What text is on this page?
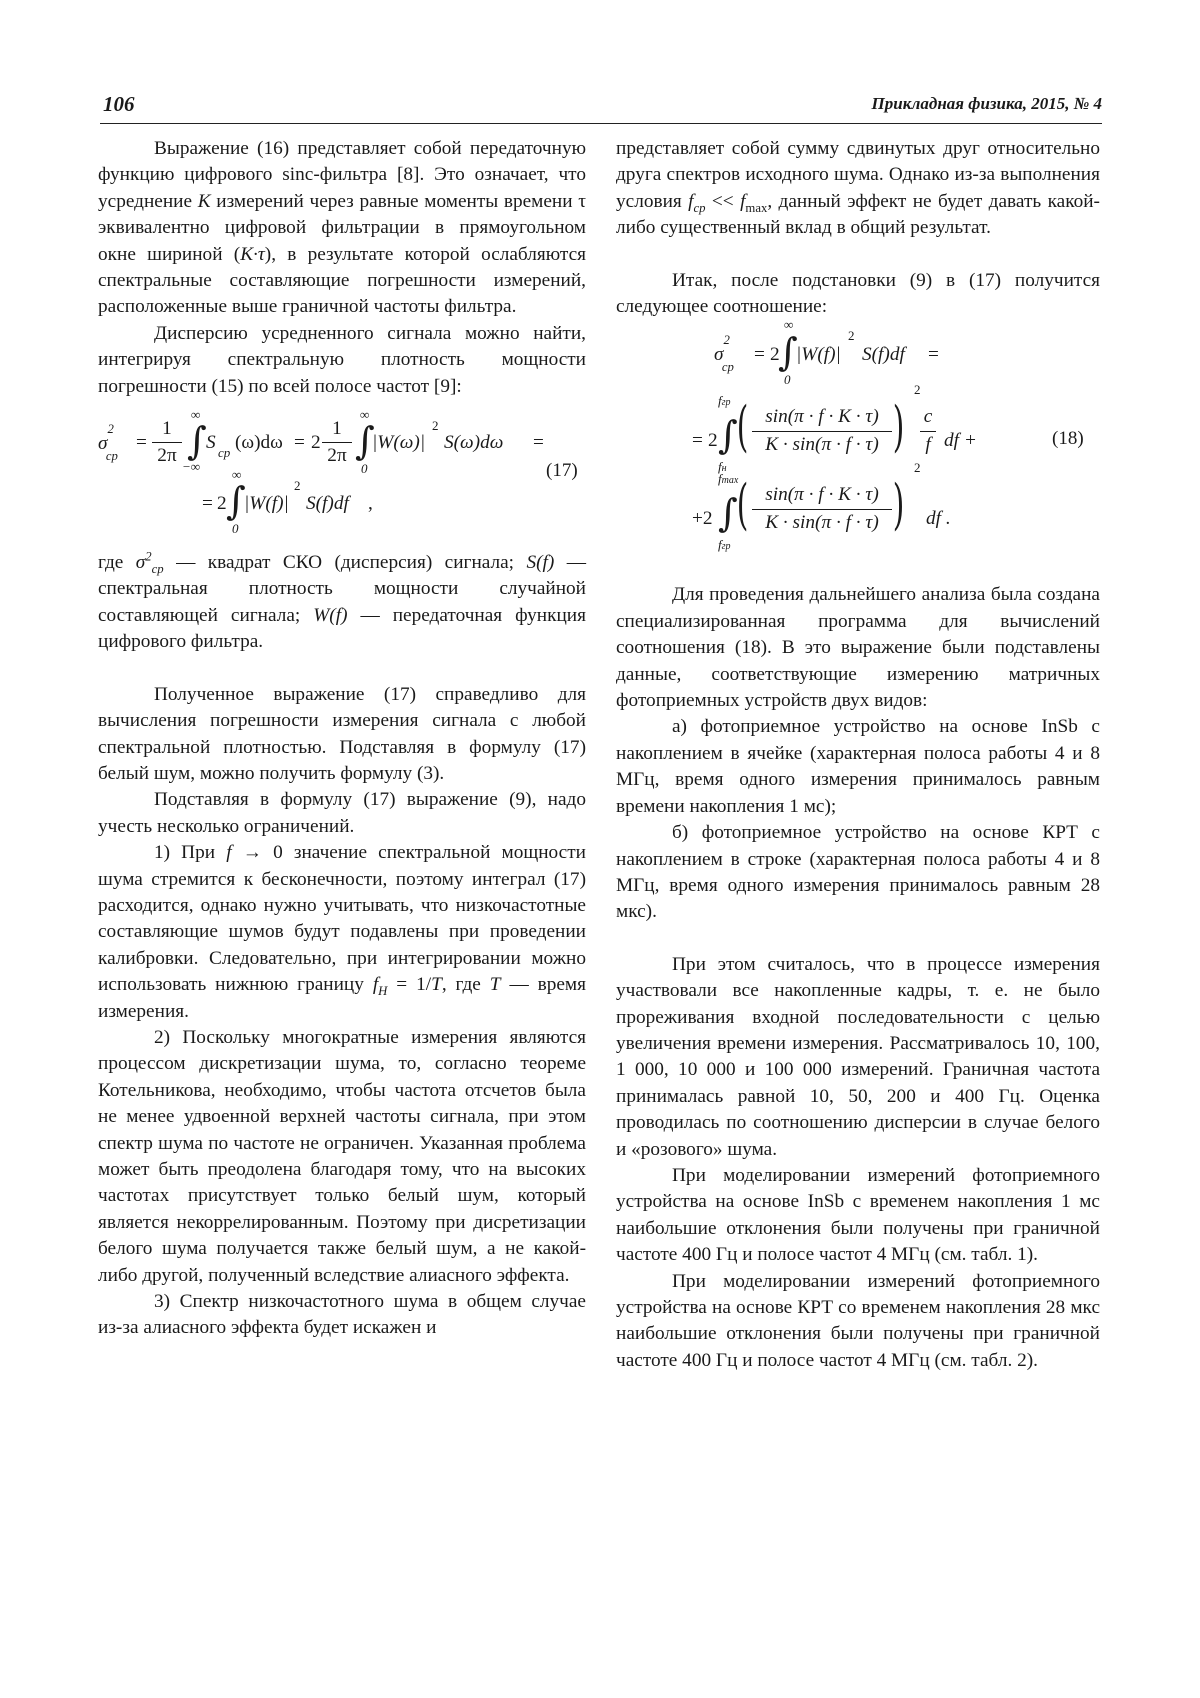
106	Прикладная физика, 2015, № 4

Выражение (16) представляет собой передаточную функцию цифрового sinc-фильтра [8]. Это означает, что усреднение K измерений через равные моменты времени τ эквивалентно цифровой фильтрации в прямоугольном окне шириной (K·τ), в результате которой ослабляются спектральные составляющие погрешности измерений, расположенные выше граничной частоты фильтра.

Дисперсию усредненного сигнала можно найти, интегрируя спектральную плотность мощности погрешности (15) по всей полосе частот [9]:

$\sigma^2_{ср}$
=
1
2π
∞
∫
−∞
S ср (ω)dω = 2
1
2π
∞
∫
0
|W(ω)|
2
S(ω)dω =
(17)
= 2
∞
∫
0
|W(f)|
2
S(f)df ,

где $\sigma^2_{ср}$ — квадрат СКО (дисперсия) сигнала; S(f) — спектральная плотность мощности случайной составляющей сигнала; W(f) — передаточная функция цифрового фильтра.

Полученное выражение (17) справедливо для вычисления погрешности измерения сигнала с любой спектральной плотностью. Подставляя в формулу (17) белый шум, можно получить формулу (3).

Подставляя в формулу (17) выражение (9), надо учесть несколько ограничений.

1) При f → 0 значение спектральной мощности шума стремится к бесконечности, поэтому интеграл (17) расходится, однако нужно учитывать, что низкочастотные составляющие шумов будут подавлены при проведении калибровки. Следовательно, при интегрировании можно использовать нижнюю границу $f_H = 1/T$, где T — время измерения.

2) Поскольку многократные измерения являются процессом дискретизации шума, то, согласно теореме Котельникова, необходимо, чтобы частота отсчетов была не менее удвоенной верхней частоты сигнала, при этом спектр шума по частоте не ограничен. Указанная проблема может быть преодолена благодаря тому, что на высоких частотах присутствует только белый шум, который является некоррелированным. Поэтому при дисретизации белого шума получается также белый шум, а не какой-либо другой, полученный вследствие алиасного эффекта.

3) Спектр низкочастотного шума в общем случае из-за алиасного эффекта будет искажен и

представляет собой сумму сдвинутых друг относительно друга спектров исходного шума. Однако из-за выполнения условия $f_{ср} << f_{max}$, данный эффект не будет давать какой-либо существенный вклад в общий результат.

Итак, после подстановки (9) в (17) получится следующее соотношение:

$\sigma^2_{ср}$
= 2
∞
∫
0
|W(f)|
2
S(f)df =
= 2
fгр
∫
fн
( sin(π · f · K · τ)
K · sin(π · f · τ) )
2
c
f df +	(18)
+2
fmax
∫
fгр
( sin(π · f · K · τ)
K · sin(π · f · τ) )
2
df .

Для проведения дальнейшего анализа была создана специализированная программа для вычислений соотношения (18). В это выражение были подставлены данные, соответствующие измерению матричных фотоприемных устройств двух видов:

а) фотоприемное устройство на основе InSb с накоплением в ячейке (характерная полоса работы 4 и 8 МГц, время одного измерения принималось равным времени накопления 1 мс);

б) фотоприемное устройство на основе КРТ с накоплением в строке (характерная полоса работы 4 и 8 МГц, время одного измерения принималось равным 28 мкс).

При этом считалось, что в процессе измерения участвовали все накопленные кадры, т. е. не было прореживания входной последовательности с целью увеличения времени измерения. Рассматривалось 10, 100, 1 000, 10 000 и 100 000 измерений. Граничная частота принималась равной 10, 50, 200 и 400 Гц. Оценка проводилась по соотношению дисперсии в случае белого и «розового» шума.

При моделировании измерений фотоприемного устройства на основе InSb с временем накопления 1 мс наибольшие отклонения были получены при граничной частоте 400 Гц и полосе частот 4 МГц (см. табл. 1).

При моделировании измерений фотоприемного устройства на основе КРТ со временем накопления 28 мкс наибольшие отклонения были получены при граничной частоте 400 Гц и полосе частот 4 МГц (см. табл. 2).
